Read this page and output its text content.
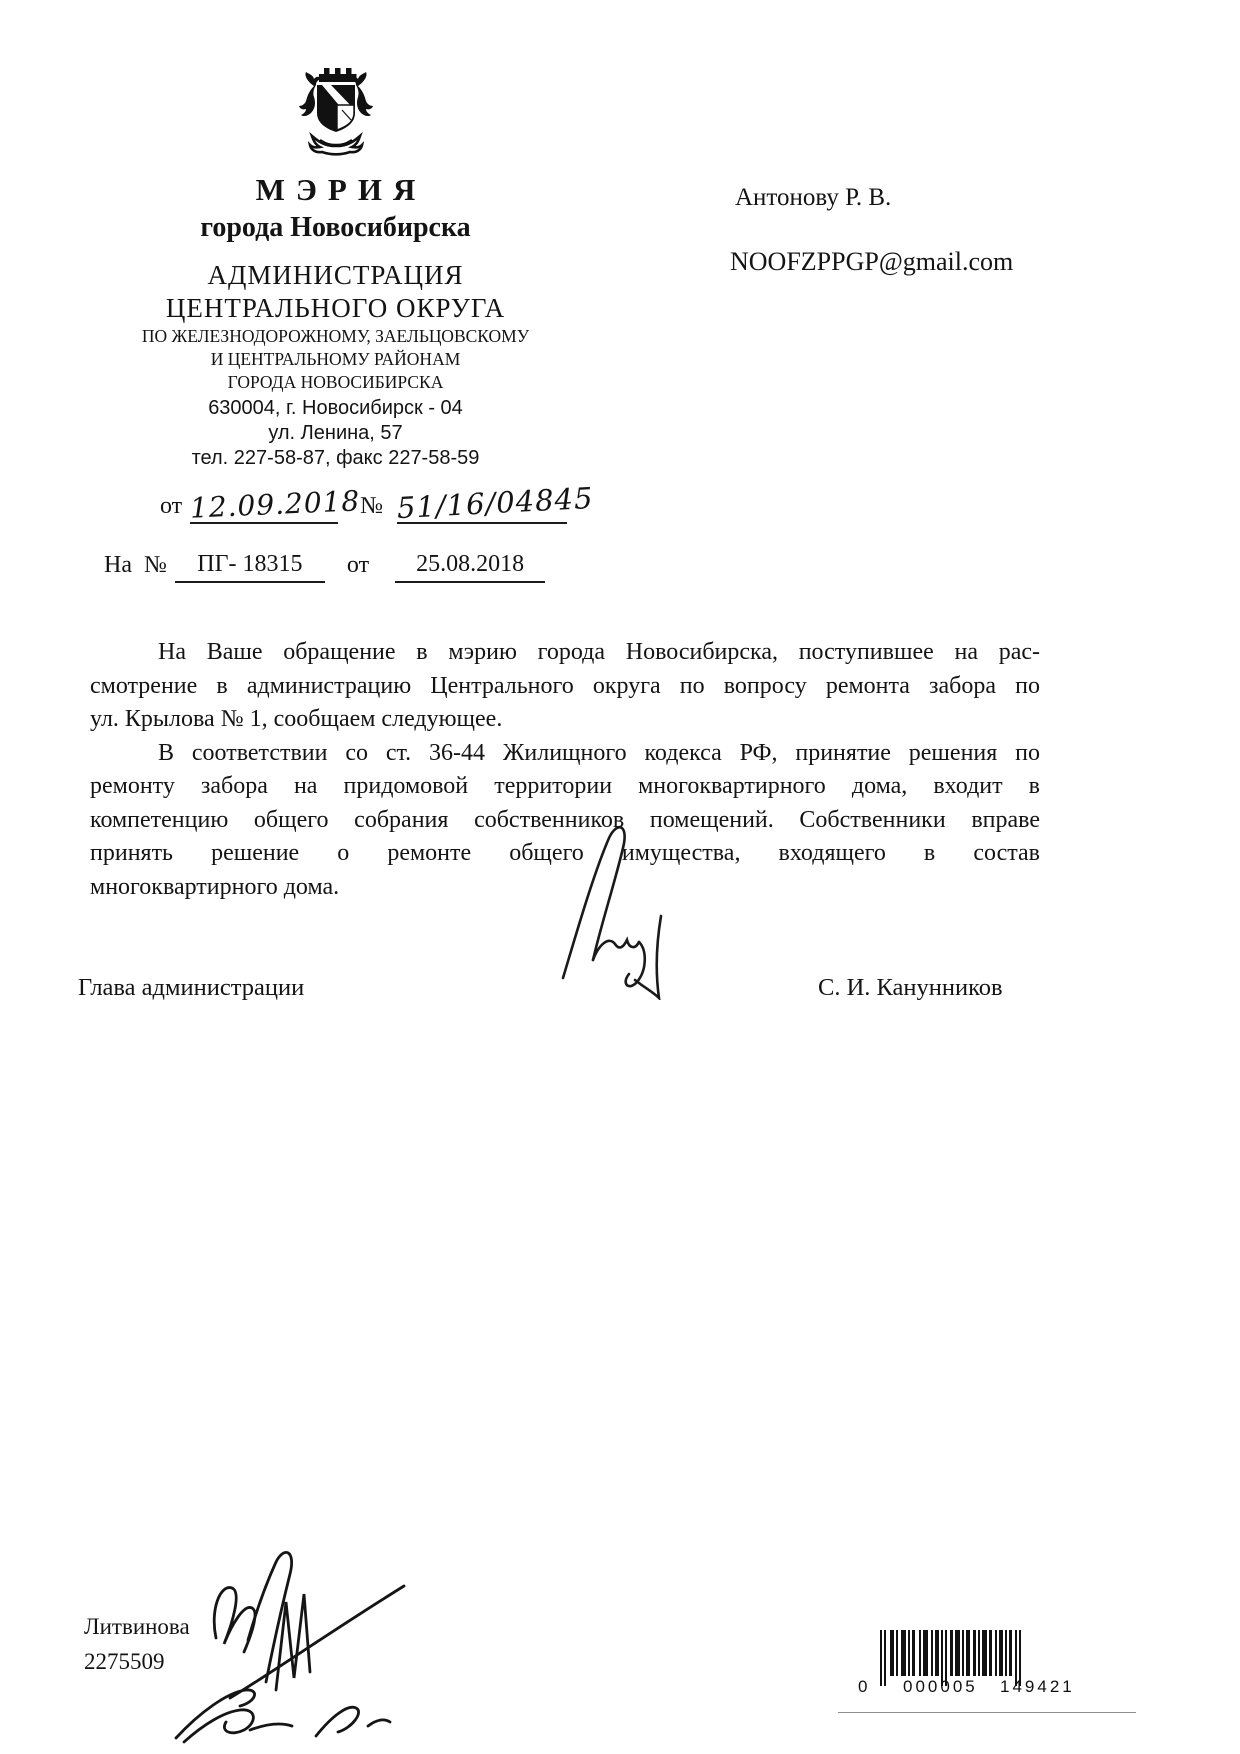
МЭРИЯ
города Новосибирска
АДМИНИСТРАЦИЯ
ЦЕНТРАЛЬНОГО ОКРУГА
ПО ЖЕЛЕЗНОДОРОЖНОМУ, ЗАЕЛЬЦОВСКОМУ
И ЦЕНТРАЛЬНОМУ РАЙОНАМ
ГОРОДА НОВОСИБИРСКА
630004, г. Новосибирск - 04
ул. Ленина, 57
тел. 227-58-87, факс 227-58-59
Антонову Р. В.
NOOFZPPGP@gmail.com
от 12.09.2018№ 51/16/04845
На № ПГ- 18315 от 25.08.2018
На Ваше обращение в мэрию города Новосибирска, поступившее на рас-
смотрение в администрацию Центрального округа по вопросу ремонта забора по
ул. Крылова № 1, сообщаем следующее.
В соответствии со ст. 36-44 Жилищного кодекса РФ, принятие решения по
ремонту забора на придомовой территории многоквартирного дома, входит в
компетенцию общего собрания собственников помещений. Собственники вправе
принять решение о ремонте общего имущества, входящего в состав
многоквартирного дома.
Глава администрации	С. И. Канунников
Литвинова
2275509
0 000005 149421
